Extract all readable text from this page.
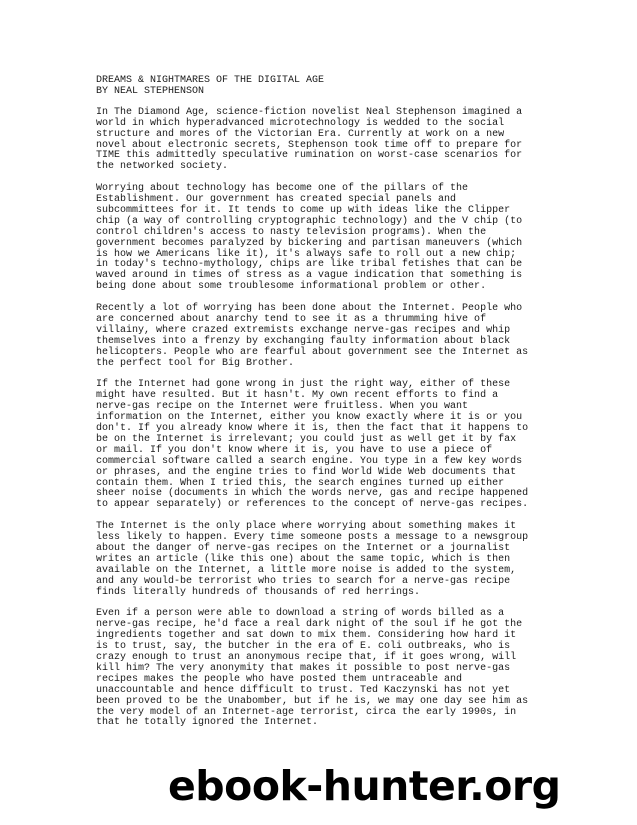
DREAMS & NIGHTMARES OF THE DIGITAL AGE
BY NEAL STEPHENSON
In The Diamond Age, science-fiction novelist Neal Stephenson imagined a
world in which hyperadvanced microtechnology is wedded to the social
structure and mores of the Victorian Era. Currently at work on a new
novel about electronic secrets, Stephenson took time off to prepare for
TIME this admittedly speculative rumination on worst-case scenarios for
the networked society.
Worrying about technology has become one of the pillars of the
Establishment. Our government has created special panels and
subcommittees for it. It tends to come up with ideas like the Clipper
chip (a way of controlling cryptographic technology) and the V chip (to
control children's access to nasty television programs). When the
government becomes paralyzed by bickering and partisan maneuvers (which
is how we Americans like it), it's always safe to roll out a new chip;
in today's techno-mythology, chips are like tribal fetishes that can be
waved around in times of stress as a vague indication that something is
being done about some troublesome informational problem or other.
Recently a lot of worrying has been done about the Internet. People who
are concerned about anarchy tend to see it as a thrumming hive of
villainy, where crazed extremists exchange nerve-gas recipes and whip
themselves into a frenzy by exchanging faulty information about black
helicopters. People who are fearful about government see the Internet as
the perfect tool for Big Brother.
If the Internet had gone wrong in just the right way, either of these
might have resulted. But it hasn't. My own recent efforts to find a
nerve-gas recipe on the Internet were fruitless. When you want
information on the Internet, either you know exactly where it is or you
don't. If you already know where it is, then the fact that it happens to
be on the Internet is irrelevant; you could just as well get it by fax
or mail. If you don't know where it is, you have to use a piece of
commercial software called a search engine. You type in a few key words
or phrases, and the engine tries to find World Wide Web documents that
contain them. When I tried this, the search engines turned up either
sheer noise (documents in which the words nerve, gas and recipe happened
to appear separately) or references to the concept of nerve-gas recipes.
The Internet is the only place where worrying about something makes it
less likely to happen. Every time someone posts a message to a newsgroup
about the danger of nerve-gas recipes on the Internet or a journalist
writes an article (like this one) about the same topic, which is then
available on the Internet, a little more noise is added to the system,
and any would-be terrorist who tries to search for a nerve-gas recipe
finds literally hundreds of thousands of red herrings.
Even if a person were able to download a string of words billed as a
nerve-gas recipe, he'd face a real dark night of the soul if he got the
ingredients together and sat down to mix them. Considering how hard it
is to trust, say, the butcher in the era of E. coli outbreaks, who is
crazy enough to trust an anonymous recipe that, if it goes wrong, will
kill him? The very anonymity that makes it possible to post nerve-gas
recipes makes the people who have posted them untraceable and
unaccountable and hence difficult to trust. Ted Kaczynski has not yet
been proved to be the Unabomber, but if he is, we may one day see him as
the very model of an Internet-age terrorist, circa the early 1990s, in
that he totally ignored the Internet.
ebook-hunter.org
